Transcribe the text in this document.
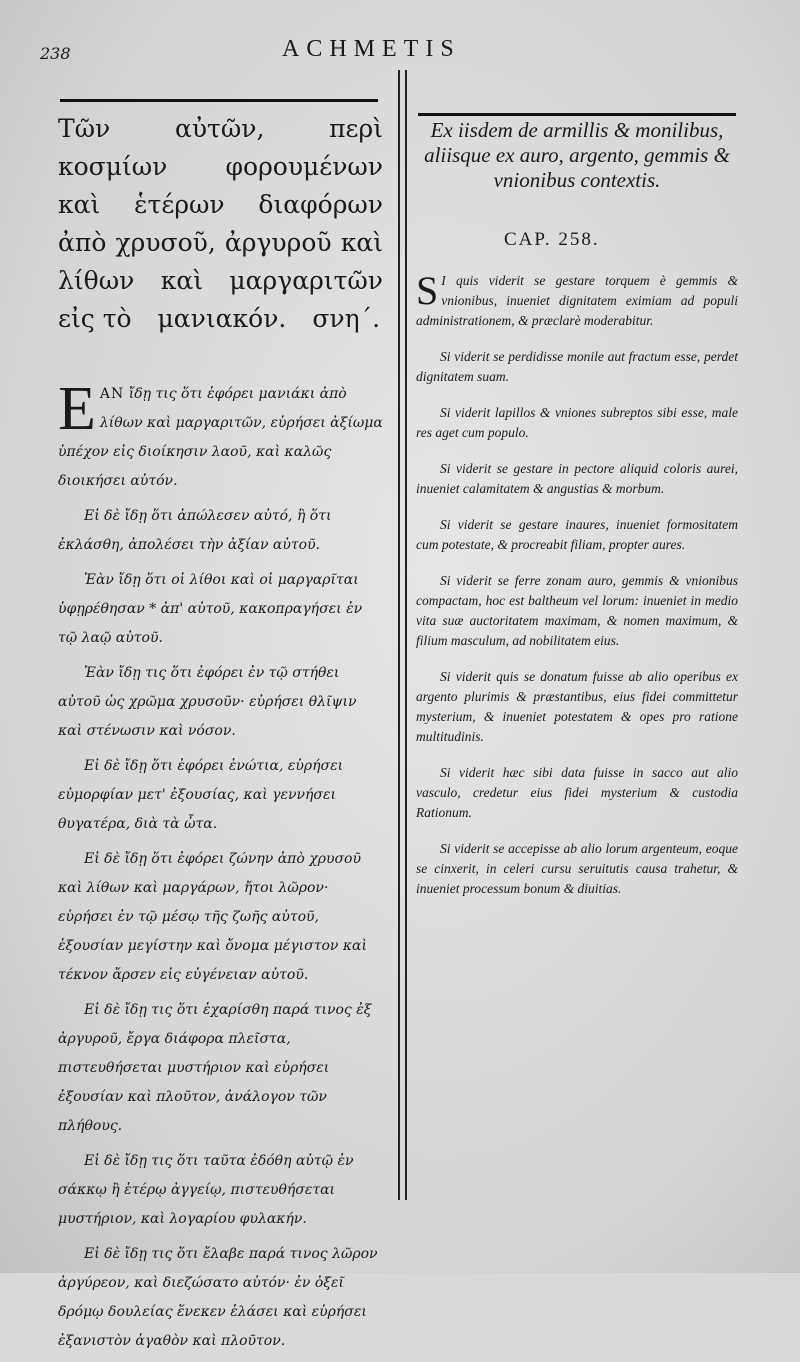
238	ACHMETIS

Τῶν αὐτῶν, περὶ κοσμίων φορουμένων καὶ ἑτέρων διαφόρων ἀπὸ χρυσοῦ, ἀργυροῦ καὶ λίθων καὶ μαργαριτῶν εἰς τὸ μανιακόν. σνη΄.

E ΑΝ ἴδῃ τις ὅτι ἐφόρει μανιάκι ἀπὸ λίθων καὶ μαργαριτῶν, εὑρήσει ἀξίωμα ὑπέχον εἰς διοίκησιν λαοῦ, καὶ καλῶς διοικήσει αὐτόν.

Εἰ δὲ ἴδῃ ὅτι ἀπώλεσεν αὐτό, ἢ ὅτι ἐκλάσθη, ἀπολέσει τὴν ἀξίαν αὐτοῦ.

Ἐὰν ἴδῃ ὅτι οἱ λίθοι καὶ οἱ μαργαρῖται ὑφῃρέθησαν * ἀπ' αὐτοῦ, κακοπραγήσει ἐν τῷ λαῷ αὐτοῦ.

Ἐὰν ἴδῃ τις ὅτι ἐφόρει ἐν τῷ στήθει αὐτοῦ ὡς χρῶμα χρυσοῦν· εὑρήσει θλῖψιν καὶ στένωσιν καὶ νόσον.

Εἰ δὲ ἴδῃ ὅτι ἐφόρει ἐνώτια, εὑρήσει εὐμορφίαν μετ' ἐξουσίας, καὶ γεννήσει θυγατέρα, διὰ τὰ ὦτα.

Εἰ δὲ ἴδῃ ὅτι ἐφόρει ζώνην ἀπὸ χρυσοῦ καὶ λίθων καὶ μαργάρων, ἤτοι λῶρον· εὑρήσει ἐν τῷ μέσῳ τῆς ζωῆς αὐτοῦ, ἐξουσίαν μεγίστην καὶ ὄνομα μέγιστον καὶ τέκνον ἄρσεν εἰς εὐγένειαν αὐτοῦ.

Εἰ δὲ ἴδῃ τις ὅτι ἐχαρίσθη παρά τινος ἐξ ἀργυροῦ, ἔργα διάφορα πλεῖστα, πιστευθήσεται μυστήριον καὶ εὑρήσει ἐξουσίαν καὶ πλοῦτον, ἀνάλογον τῶν πλήθους.

Εἰ δὲ ἴδῃ τις ὅτι ταῦτα ἐδόθη αὐτῷ ἐν σάκκῳ ἢ ἑτέρῳ ἀγγείῳ, πιστευθήσεται μυστήριον, καὶ λογαρίου φυλακήν.

Εἰ δὲ ἴδῃ τις ὅτι ἔλαβε παρά τινος λῶρον ἀργύρεον, καὶ διεζώσατο αὐτόν· ἐν ὀξεῖ δρόμῳ δουλείας ἕνεκεν ἐλάσει καὶ εὑρήσει ἐξανιστὸν ἀγαθὸν καὶ πλοῦτον.

Ex iisdem de armillis & monilibus, aliisque ex auro, argento, gemmis & vnionibus contextis.

CAP. 258.

S I quis viderit se gestare torquem è gemmis & vnionibus, inueniet dignitatem eximiam ad populi administrationem, & præclarè moderabitur.

Si viderit se perdidisse monile aut fractum esse, perdet dignitatem suam.

Si viderit lapillos & vniones subreptos sibi esse, male res aget cum populo.

Si viderit se gestare in pectore aliquid coloris aurei, inueniet calamitatem & angustias & morbum.

Si viderit se gestare inaures, inueniet formositatem cum potestate, & procreabit filiam, propter aures.

Si viderit se ferre zonam auro, gemmis & vnionibus compactam, hoc est baltheum vel lorum: inueniet in medio vita suæ auctoritatem maximam, & nomen maximum, & filium masculum, ad nobilitatem eius.

Si viderit quis se donatum fuisse ab alio operibus ex argento plurimis & præstantibus, eius fidei committetur mysterium, & inueniet potestatem & opes pro ratione multitudinis.

Si viderit hæc sibi data fuisse in sacco aut alio vasculo, credetur eius fidei mysterium & custodia Rationum.

Si viderit se accepisse ab alio lorum argenteum, eoque se cinxerit, in celeri cursu seruitutis causa trahetur, & inueniet processum bonum & diuitias.
